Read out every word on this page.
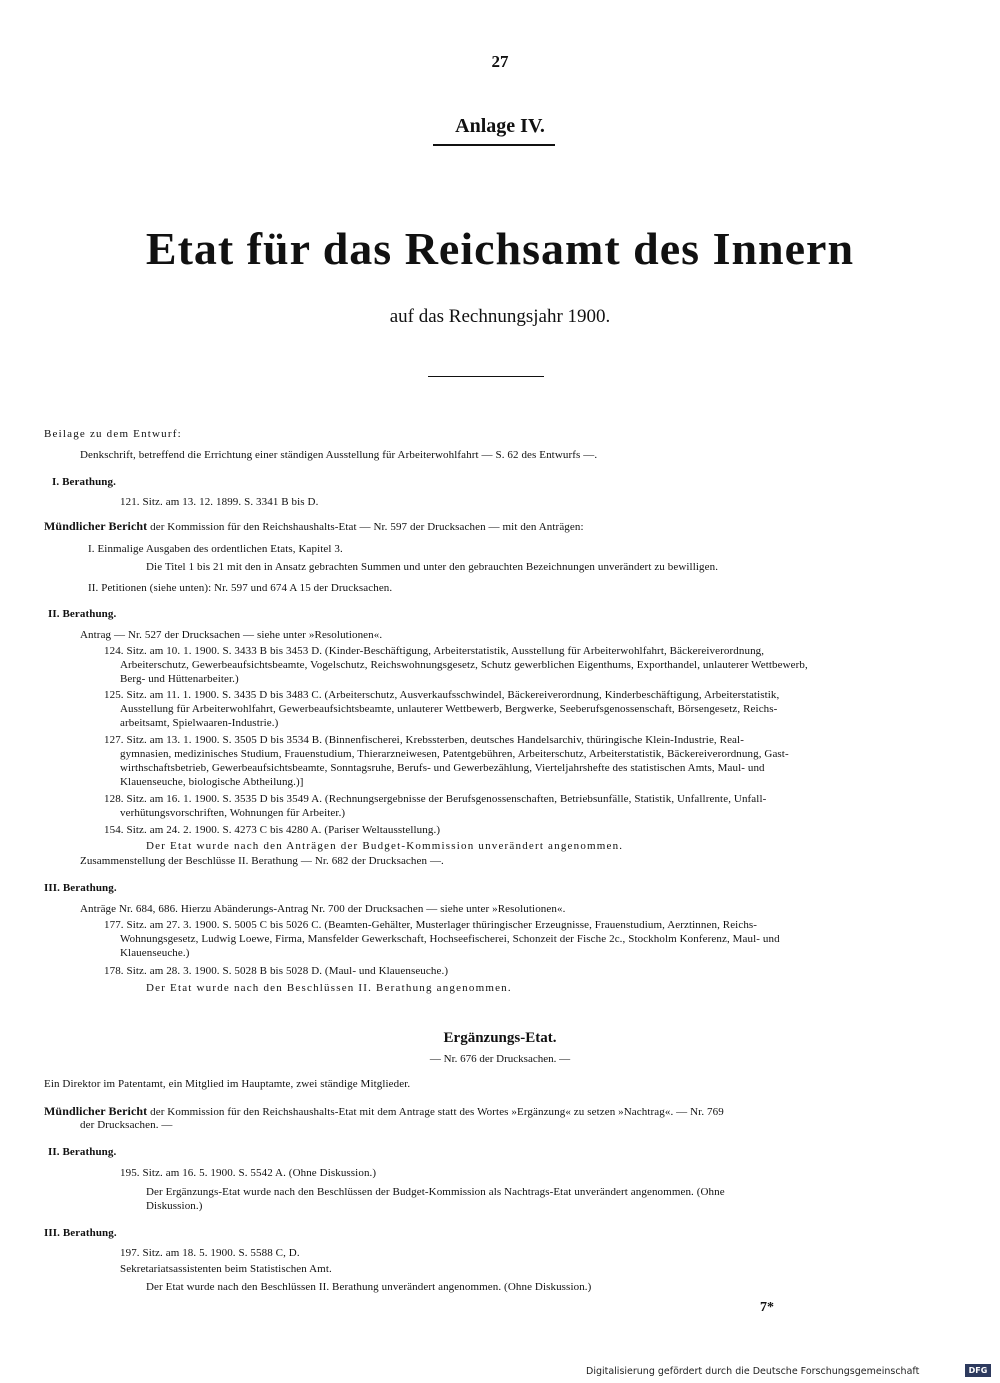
27
Anlage IV.
Etat für das Reichsamt des Innern
auf das Rechnungsjahr 1900.
Beilage zu dem Entwurf:
Denkschrift, betreffend die Errichtung einer ständigen Ausstellung für Arbeiterwohlfahrt — S. 62 des Entwurfs —.
I. Berathung.
121. Sitz. am 13. 12. 1899. S. 3341 B bis D.
Mündlicher Bericht der Kommission für den Reichshaushalts-Etat — Nr. 597 der Drucksachen — mit den Anträgen:
I. Einmalige Ausgaben des ordentlichen Etats, Kapitel 3.
Die Titel 1 bis 21 mit den in Ansatz gebrachten Summen und unter den gebrauchten Bezeichnungen unverändert zu bewilligen.
II. Petitionen (siehe unten): Nr. 597 und 674 A 15 der Drucksachen.
II. Berathung.
Antrag — Nr. 527 der Drucksachen — siehe unter »Resolutionen«.
124. Sitz. am 10. 1. 1900. S. 3433 B bis 3453 D. (Kinder-Beschäftigung, Arbeiterstatistik, Ausstellung für Arbeiterwohlfahrt, Bäckereiverordnung,
Arbeiterschutz, Gewerbeaufsichtsbeamte, Vogelschutz, Reichswohnungsgesetz, Schutz gewerblichen Eigenthums, Exporthandel, unlauterer Wettbewerb,
Berg- und Hüttenarbeiter.)
125. Sitz. am 11. 1. 1900. S. 3435 D bis 3483 C. (Arbeiterschutz, Ausverkaufsschwindel, Bäckereiverordnung, Kinderbeschäftigung, Arbeiterstatistik,
Ausstellung für Arbeiterwohlfahrt, Gewerbeaufsichtsbeamte, unlauterer Wettbewerb, Bergwerke, Seeberufsgenossenschaft, Börsengesetz, Reichs-
arbeitsamt, Spielwaaren-Industrie.)
127. Sitz. am 13. 1. 1900. S. 3505 D bis 3534 B. (Binnenfischerei, Krebssterben, deutsches Handelsarchiv, thüringische Klein-Industrie, Real-
gymnasien, medizinisches Studium, Frauenstudium, Thierarzneiwesen, Patentgebühren, Arbeiterschutz, Arbeiterstatistik, Bäckereiverordnung, Gast-
wirthschaftsbetrieb, Gewerbeaufsichtsbeamte, Sonntagsruhe, Berufs- und Gewerbezählung, Vierteljahrshefte des statistischen Amts, Maul- und
Klauenseuche, biologische Abtheilung.)]
128. Sitz. am 16. 1. 1900. S. 3535 D bis 3549 A. (Rechnungsergebnisse der Berufsgenossenschaften, Betriebsunfälle, Statistik, Unfallrente, Unfall-
verhütungsvorschriften, Wohnungen für Arbeiter.)
154. Sitz. am 24. 2. 1900. S. 4273 C bis 4280 A. (Pariser Weltausstellung.)
Der Etat wurde nach den Anträgen der Budget-Kommission unverändert angenommen.
Zusammenstellung der Beschlüsse II. Berathung — Nr. 682 der Drucksachen —.
III. Berathung.
Anträge Nr. 684, 686. Hierzu Abänderungs-Antrag Nr. 700 der Drucksachen — siehe unter »Resolutionen«.
177. Sitz. am 27. 3. 1900. S. 5005 C bis 5026 C. (Beamten-Gehälter, Musterlager thüringischer Erzeugnisse, Frauenstudium, Aerztinnen, Reichs-
Wohnungsgesetz, Ludwig Loewe, Firma, Mansfelder Gewerkschaft, Hochseefischerei, Schonzeit der Fische 2c., Stockholm Konferenz, Maul- und
Klauenseuche.)
178. Sitz. am 28. 3. 1900. S. 5028 B bis 5028 D. (Maul- und Klauenseuche.)
Der Etat wurde nach den Beschlüssen II. Berathung angenommen.
Ergänzungs-Etat.
— Nr. 676 der Drucksachen. —
Ein Direktor im Patentamt, ein Mitglied im Hauptamte, zwei ständige Mitglieder.
Mündlicher Bericht der Kommission für den Reichshaushalts-Etat mit dem Antrage statt des Wortes »Ergänzung« zu setzen »Nachtrag«. — Nr. 769
der Drucksachen. —
II. Berathung.
195. Sitz. am 16. 5. 1900. S. 5542 A. (Ohne Diskussion.)
Der Ergänzungs-Etat wurde nach den Beschlüssen der Budget-Kommission als Nachtrags-Etat unverändert angenommen. (Ohne
Diskussion.)
III. Berathung.
197. Sitz. am 18. 5. 1900. S. 5588 C, D.
Sekretariatsassistenten beim Statistischen Amt.
Der Etat wurde nach den Beschlüssen II. Berathung unverändert angenommen. (Ohne Diskussion.)
7*
Digitalisierung gefördert durch die Deutsche Forschungsgemeinschaft	DFG
